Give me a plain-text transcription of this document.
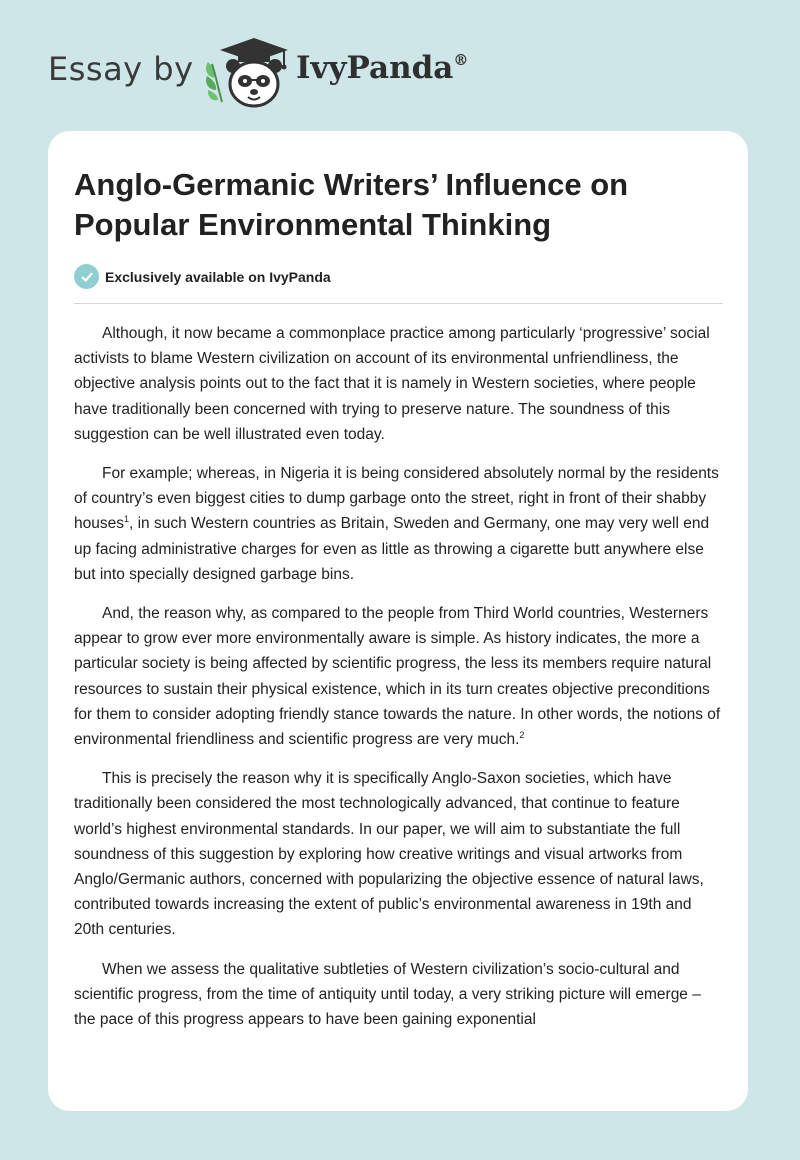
Essay by	IvyPanda®
Anglo-Germanic Writers’ Influence on Popular Environmental Thinking
Exclusively available on IvyPanda

Although, it now became a commonplace practice among particularly ‘progressive’ social activists to blame Western civilization on account of its environmental unfriendliness, the objective analysis points out to the fact that it is namely in Western societies, where people have traditionally been concerned with trying to preserve nature. The soundness of this suggestion can be well illustrated even today.

For example; whereas, in Nigeria it is being considered absolutely normal by the residents of country’s even biggest cities to dump garbage onto the street, right in front of their shabby houses$^1$, in such Western countries as Britain, Sweden and Germany, one may very well end up facing administrative charges for even as little as throwing a cigarette butt anywhere else but into specially designed garbage bins.

And, the reason why, as compared to the people from Third World countries, Westerners appear to grow ever more environmentally aware is simple. As history indicates, the more a particular society is being affected by scientific progress, the less its members require natural resources to sustain their physical existence, which in its turn creates objective preconditions for them to consider adopting friendly stance towards the nature. In other words, the notions of environmental friendliness and scientific progress are very much.$^2$

This is precisely the reason why it is specifically Anglo-Saxon societies, which have traditionally been considered the most technologically advanced, that continue to feature world’s highest environmental standards. In our paper, we will aim to substantiate the full soundness of this suggestion by exploring how creative writings and visual artworks from Anglo/Germanic authors, concerned with popularizing the objective essence of natural laws, contributed towards increasing the extent of public’s environmental awareness in 19th and 20th centuries.

When we assess the qualitative subtleties of Western civilization’s socio-cultural and scientific progress, from the time of antiquity until today, a very striking picture will emerge – the pace of this progress appears to have been gaining exponential
